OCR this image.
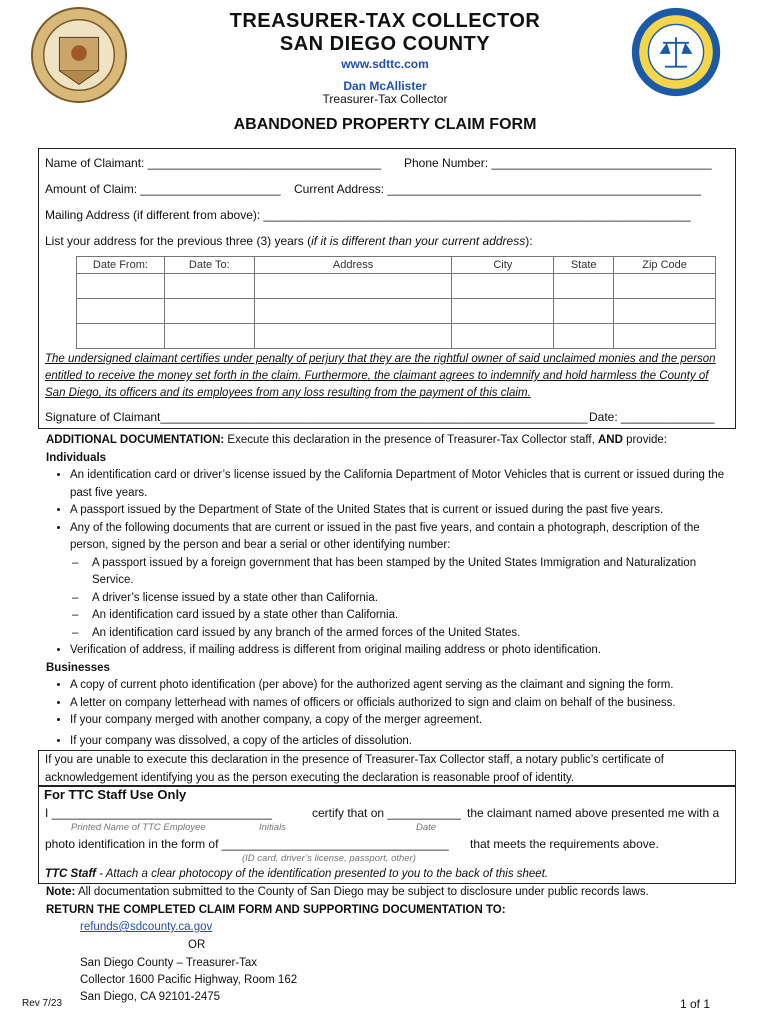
TREASURER-TAX COLLECTOR
SAN DIEGO COUNTY
www.sdttc.com
Dan McAllister
Treasurer-Tax Collector
ABANDONED PROPERTY CLAIM FORM
Name of Claimant: ___________________________________ Phone Number: _________________________________
Amount of Claim: _____________________ Current Address: _______________________________________________
Mailing Address (if different from above): ________________________________________________________________
List your address for the previous three (3) years (if it is different than your current address):
Date From:	Date To:	Address	City	State	Zip Code

The undersigned claimant certifies under penalty of perjury that they are the rightful owner of said unclaimed monies and the person entitled to receive the money set forth in the claim. Furthermore, the claimant agrees to indemnify and hold harmless the County of San Diego, its officers and its employees from any loss resulting from the payment of this claim.
Signature of Claimant________________________________________________________________ Date: ______________
ADDITIONAL DOCUMENTATION: Execute this declaration in the presence of Treasurer-Tax Collector staff, AND provide:
Individuals
• An identification card or driver’s license issued by the California Department of Motor Vehicles that is current or issued during the past five years.
• A passport issued by the Department of State of the United States that is current or issued during the past five years.
• Any of the following documents that are current or issued in the past five years, and contain a photograph, description of the person, signed by the person and bear a serial or other identifying number:
– A passport issued by a foreign government that has been stamped by the United States Immigration and Naturalization Service.
– A driver’s license issued by a state other than California.
– An identification card issued by a state other than California.
– An identification card issued by any branch of the armed forces of the United States.
• Verification of address, if mailing address is different from original mailing address or photo identification.
Businesses
• A copy of current photo identification (per above) for the authorized agent serving as the claimant and signing the form.
• A letter on company letterhead with names of officers or officials authorized to sign and claim on behalf of the business.
• If your company merged with another company, a copy of the merger agreement.
• If your company was dissolved, a copy of the articles of dissolution.
If you are unable to execute this declaration in the presence of Treasurer-Tax Collector staff, a notary public’s certificate of acknowledgement identifying you as the person executing the declaration is reasonable proof of identity.
For TTC Staff Use Only
I _________________________________	certify that on ___________ the claimant named above presented me with a
Printed Name of TTC Employee	Initials	Date
photo identification in the form of __________________________________ that meets the requirements above.
(ID card, driver’s license, passport, other)
TTC Staff - Attach a clear photocopy of the identification presented to you to the back of this sheet.
Note: All documentation submitted to the County of San Diego may be subject to disclosure under public records laws.
RETURN THE COMPLETED CLAIM FORM AND SUPPORTING DOCUMENTATION TO:
refunds@sdcounty.ca.gov
OR
San Diego County – Treasurer-Tax
Collector 1600 Pacific Highway, Room 162
San Diego, CA 92101-2475
Rev 7/23	1 of 1
